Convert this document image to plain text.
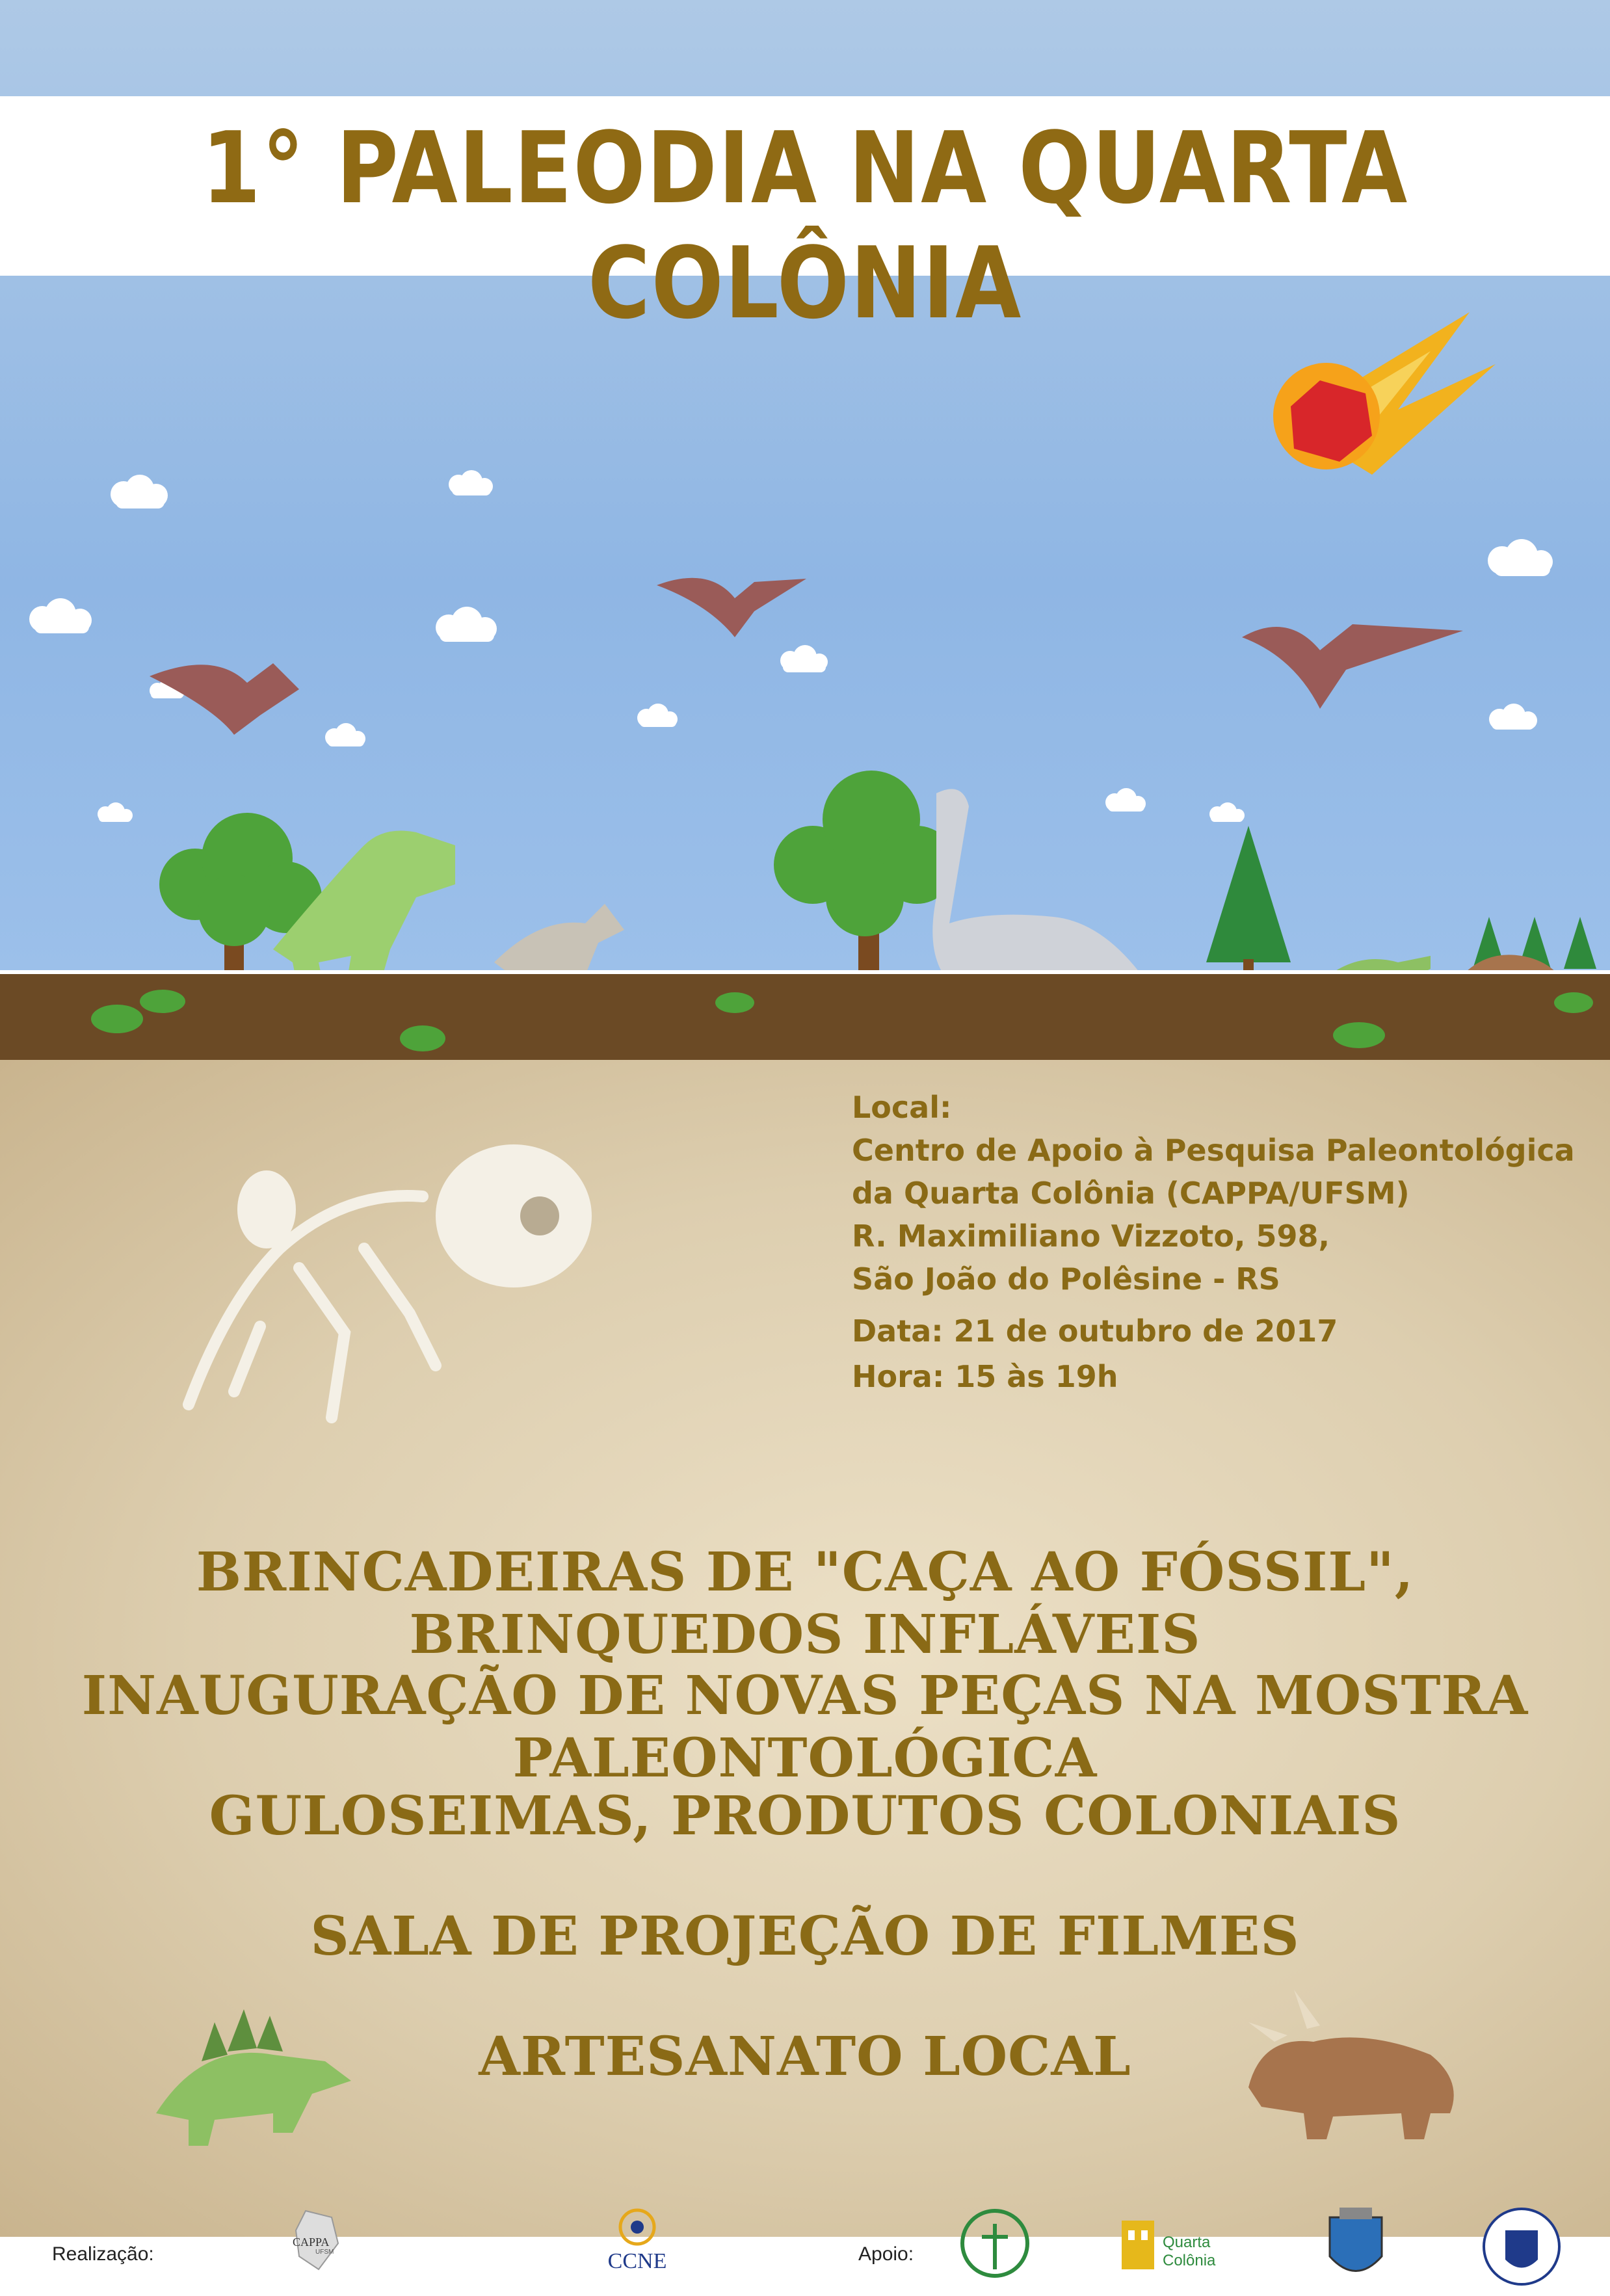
1° PALEODIA NA QUARTA COLÔNIA
Local:
Centro de Apoio à Pesquisa Paleontológica
da Quarta Colônia (CAPPA/UFSM)
R. Maximiliano Vizzoto, 598,
São João do Polêsine - RS
Data: 21 de outubro de 2017
Hora: 15 às 19h
BRINCADEIRAS DE "CAÇA AO FÓSSIL", BRINQUEDOS INFLÁVEIS
INAUGURAÇÃO DE NOVAS PEÇAS NA MOSTRA PALEONTOLÓGICA
GULOSEIMAS, PRODUTOS COLONIAIS
SALA DE PROJEÇÃO DE FILMES
ARTESANATO LOCAL
Realização:
CAPPA
UFSM	CCNE	Apoio:
Quarta Colônia
